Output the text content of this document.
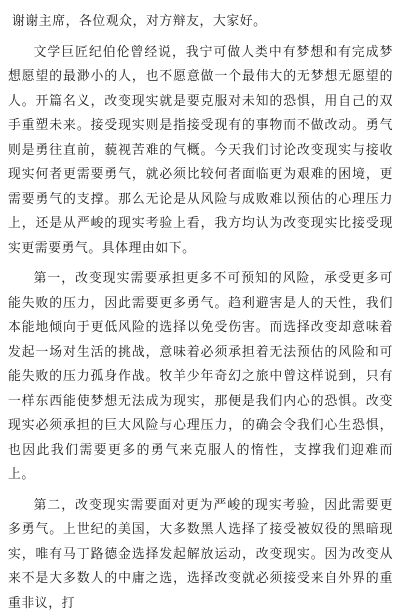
谢谢主席，各位观众，对方辩友，大家好。

文学巨匠纪伯伦曾经说，我宁可做人类中有梦想和有完成梦想愿望的最渺小的人，也不愿意做一个最伟大的无梦想无愿望的人。开篇名义，改变现实就是要克服对未知的恐惧，用自己的双手重塑未来。接受现实则是指接受现有的事物而不做改动。勇气则是勇往直前，藐视苦难的气概。今天我们讨论改变现实与接收现实何者更需要勇气，就必须比较何者面临更为艰难的困境，更需要勇气的支撑。那么无论是从风险与成败难以预估的心理压力上，还是从严峻的现实考验上看，我方均认为改变现实比接受现实更需要勇气。具体理由如下。

第一，改变现实需要承担更多不可预知的风险，承受更多可能失败的压力，因此需要更多勇气。趋利避害是人的天性，我们本能地倾向于更低风险的选择以免受伤害。而选择改变却意味着发起一场对生活的挑战，意味着必须承担着无法预估的风险和可能失败的压力孤身作战。牧羊少年奇幻之旅中曾这样说到，只有一样东西能使梦想无法成为现实，那便是我们内心的恐惧。改变现实必须承担的巨大风险与心理压力，的确会令我们心生恐惧，也因此我们需要更多的勇气来克服人的惰性，支撑我们迎难而上。

第二，改变现实需要面对更为严峻的现实考验，因此需要更多勇气。上世纪的美国，大多数黑人选择了接受被奴役的黑暗现实，唯有马丁路德金选择发起解放运动，改变现实。因为改变从来不是大多数人的中庸之选，选择改变就必须接受来自外界的重重非议，打
